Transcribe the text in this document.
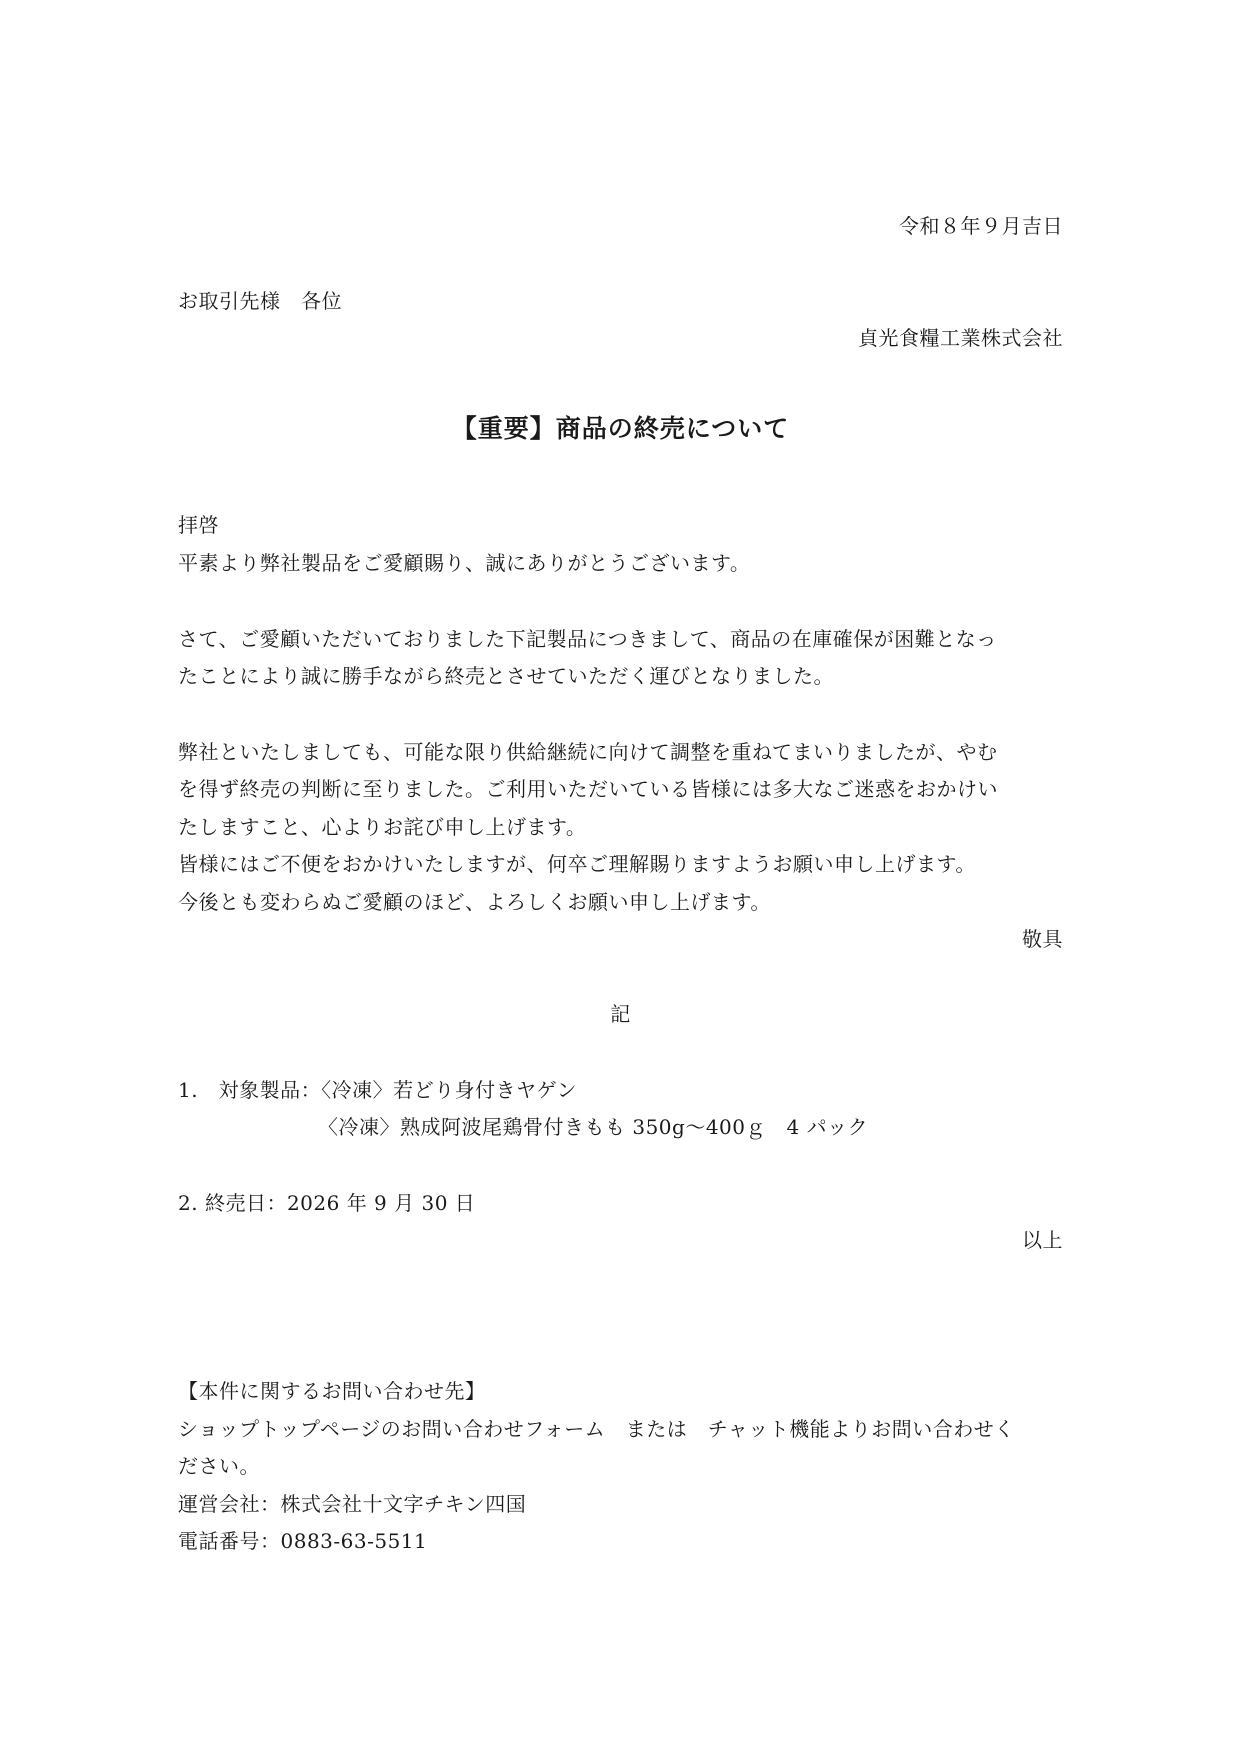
令和８年９月吉日
お取引先様　各位
貞光食糧工業株式会社
【重要】商品の終売について
拝啓
平素より弊社製品をご愛顧賜り、誠にありがとうございます。
さて、ご愛顧いただいておりました下記製品につきまして、商品の在庫確保が困難となっ
たことにより誠に勝手ながら終売とさせていただく運びとなりました。
弊社といたしましても、可能な限り供給継続に向けて調整を重ねてまいりましたが、やむ
を得ず終売の判断に至りました。ご利用いただいている皆様には多大なご迷惑をおかけい
たしますこと、心よりお詫び申し上げます。
皆様にはご不便をおかけいたしますが、何卒ご理解賜りますようお願い申し上げます。
今後とも変わらぬご愛顧のほど、よろしくお願い申し上げます。
敬具
記
1.　対象製品：〈冷凍〉若どり身付きヤゲン
〈冷凍〉熟成阿波尾鶏骨付きもも 350g～400ｇ　4 パック
2. 終売日：2026 年 9 月 30 日
以上
【本件に関するお問い合わせ先】
ショップトップページのお問い合わせフォーム　または　チャット機能よりお問い合わせく
ださい。
運営会社：株式会社十文字チキン四国
電話番号：0883-63-5511
